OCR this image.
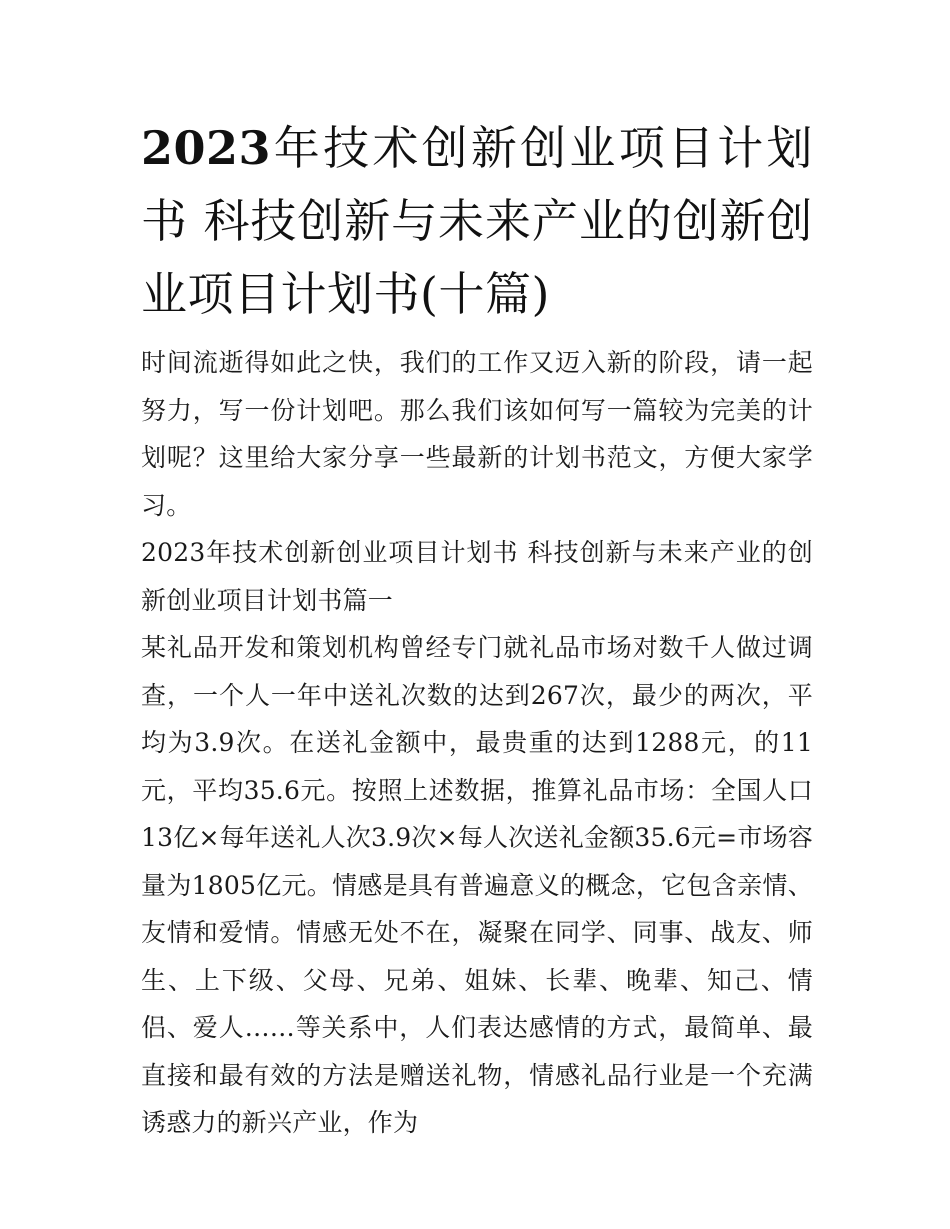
2023年技术创新创业项目计划书 科技创新与未来产业的创新创业项目计划书(十篇)

时间流逝得如此之快，我们的工作又迈入新的阶段，请一起努力，写一份计划吧。那么我们该如何写一篇较为完美的计划呢？这里给大家分享一些最新的计划书范文，方便大家学习。

2023年技术创新创业项目计划书 科技创新与未来产业的创新创业项目计划书篇一

某礼品开发和策划机构曾经专门就礼品市场对数千人做过调查，一个人一年中送礼次数的达到267次，最少的两次，平均为3.9次。在送礼金额中，最贵重的达到1288元，的11元，平均35.6元。按照上述数据，推算礼品市场：全国人口13亿×每年送礼人次3.9次×每人次送礼金额35.6元=市场容量为1805亿元。情感是具有普遍意义的概念，它包含亲情、友情和爱情。情感无处不在，凝聚在同学、同事、战友、师生、上下级、父母、兄弟、姐妹、长辈、晚辈、知己、情侣、爱人……等关系中，人们表达感情的方式，最简单、最直接和最有效的方法是赠送礼物，情感礼品行业是一个充满诱惑力的新兴产业，作为
